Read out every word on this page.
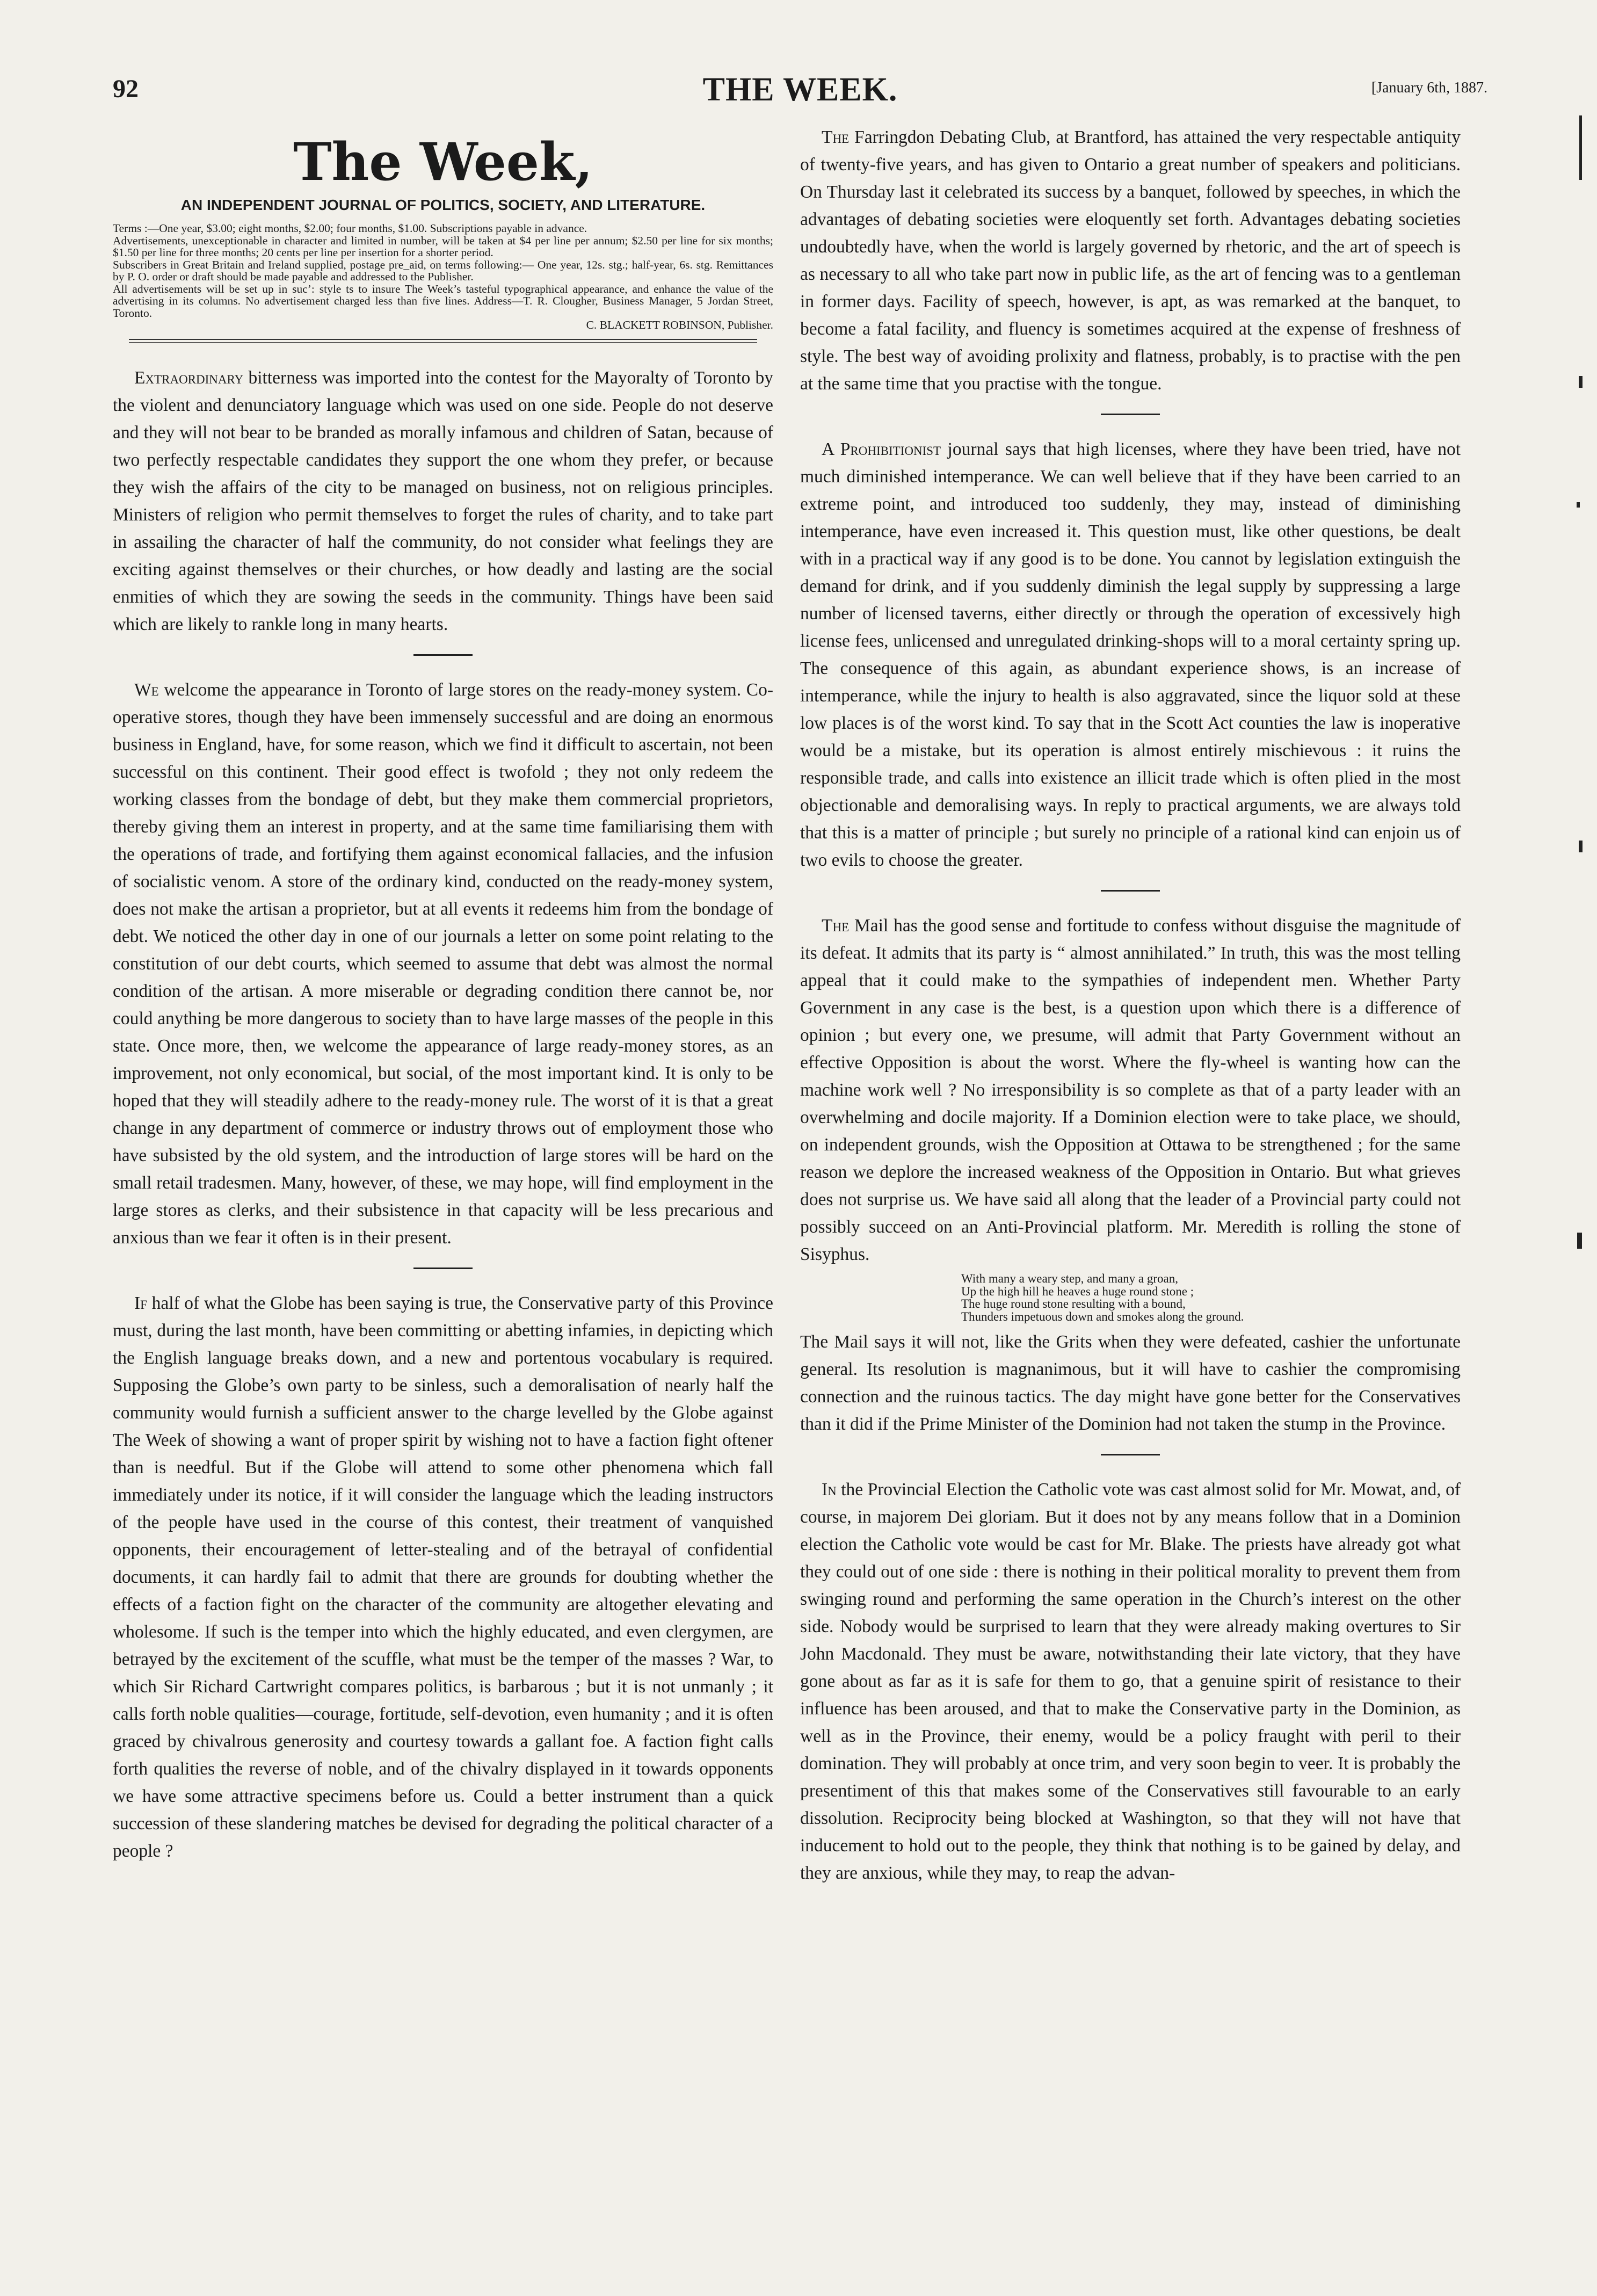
92	THE WEEK.	[January 6th, 1887.
The Week,
AN INDEPENDENT JOURNAL OF POLITICS, SOCIETY, AND LITERATURE.

Terms :—One year, $3.00; eight months, $2.00; four months, $1.00. Subscriptions payable in advance.

Advertisements, unexceptionable in character and limited in number, will be taken at $4 per line per annum; $2.50 per line for six months; $1.50 per line for three months; 20 cents per line per insertion for a shorter period.

Subscribers in Great Britain and Ireland supplied, postage pre_aid, on terms following:— One year, 12s. stg.; half-year, 6s. stg. Remittances by P. O. order or draft should be made payable and addressed to the Publisher.

All advertisements will be set up in suc’: style ts to insure The Week’s tasteful typographical appearance, and enhance the value of the advertising in its columns. No advertisement charged less than five lines. Address—T. R. Clougher, Business Manager, 5 Jordan Street, Toronto.

C. BLACKETT ROBINSON, Publisher.

Extraordinary bitterness was imported into the contest for the Mayoralty of Toronto by the violent and denunciatory language which was used on one side. People do not deserve and they will not bear to be branded as morally infamous and children of Satan, because of two perfectly respectable candidates they support the one whom they prefer, or because they wish the affairs of the city to be managed on business, not on religious principles. Ministers of religion who permit themselves to forget the rules of charity, and to take part in assailing the character of half the community, do not consider what feelings they are exciting against themselves or their churches, or how deadly and lasting are the social enmities of which they are sowing the seeds in the community. Things have been said which are likely to rankle long in many hearts.

We welcome the appearance in Toronto of large stores on the ready-money system. Co-operative stores, though they have been immensely successful and are doing an enormous business in England, have, for some reason, which we find it difficult to ascertain, not been successful on this continent. Their good effect is twofold ; they not only redeem the working classes from the bondage of debt, but they make them commercial proprietors, thereby giving them an interest in property, and at the same time familiarising them with the operations of trade, and fortifying them against economical fallacies, and the infusion of socialistic venom. A store of the ordinary kind, conducted on the ready-money system, does not make the artisan a proprietor, but at all events it redeems him from the bondage of debt. We noticed the other day in one of our journals a letter on some point relating to the constitution of our debt courts, which seemed to assume that debt was almost the normal condition of the artisan. A more miserable or degrading condition there cannot be, nor could anything be more dangerous to society than to have large masses of the people in this state. Once more, then, we welcome the appearance of large ready-money stores, as an improvement, not only economical, but social, of the most important kind. It is only to be hoped that they will steadily adhere to the ready-money rule. The worst of it is that a great change in any department of commerce or industry throws out of employment those who have subsisted by the old system, and the introduction of large stores will be hard on the small retail tradesmen. Many, however, of these, we may hope, will find employment in the large stores as clerks, and their subsistence in that capacity will be less precarious and anxious than we fear it often is in their present.

If half of what the Globe has been saying is true, the Conservative party of this Province must, during the last month, have been committing or abetting infamies, in depicting which the English language breaks down, and a new and portentous vocabulary is required. Supposing the Globe’s own party to be sinless, such a demoralisation of nearly half the community would furnish a sufficient answer to the charge levelled by the Globe against The Week of showing a want of proper spirit by wishing not to have a faction fight oftener than is needful. But if the Globe will attend to some other phenomena which fall immediately under its notice, if it will consider the language which the leading instructors of the people have used in the course of this contest, their treatment of vanquished opponents, their encouragement of letter-stealing and of the betrayal of confidential documents, it can hardly fail to admit that there are grounds for doubting whether the effects of a faction fight on the character of the community are altogether elevating and wholesome. If such is the temper into which the highly educated, and even clergymen, are betrayed by the excitement of the scuffle, what must be the temper of the masses ? War, to which Sir Richard Cartwright compares politics, is barbarous ; but it is not unmanly ; it calls forth noble qualities—courage, fortitude, self-devotion, even humanity ; and it is often graced by chivalrous generosity and courtesy towards a gallant foe. A faction fight calls forth qualities the reverse of noble, and of the chivalry displayed in it towards opponents we have some attractive specimens before us. Could a better instrument than a quick succession of these slandering matches be devised for degrading the political character of a people ?

The Farringdon Debating Club, at Brantford, has attained the very respectable antiquity of twenty-five years, and has given to Ontario a great number of speakers and politicians. On Thursday last it celebrated its success by a banquet, followed by speeches, in which the advantages of debating societies were eloquently set forth. Advantages debating societies undoubtedly have, when the world is largely governed by rhetoric, and the art of speech is as necessary to all who take part now in public life, as the art of fencing was to a gentleman in former days. Facility of speech, however, is apt, as was remarked at the banquet, to become a fatal facility, and fluency is sometimes acquired at the expense of freshness of style. The best way of avoiding prolixity and flatness, probably, is to practise with the pen at the same time that you practise with the tongue.

A Prohibitionist journal says that high licenses, where they have been tried, have not much diminished intemperance. We can well believe that if they have been carried to an extreme point, and introduced too suddenly, they may, instead of diminishing intemperance, have even increased it. This question must, like other questions, be dealt with in a practical way if any good is to be done. You cannot by legislation extinguish the demand for drink, and if you suddenly diminish the legal supply by suppressing a large number of licensed taverns, either directly or through the operation of excessively high license fees, unlicensed and unregulated drinking-shops will to a moral certainty spring up. The consequence of this again, as abundant experience shows, is an increase of intemperance, while the injury to health is also aggravated, since the liquor sold at these low places is of the worst kind. To say that in the Scott Act counties the law is inoperative would be a mistake, but its operation is almost entirely mischievous : it ruins the responsible trade, and calls into existence an illicit trade which is often plied in the most objectionable and demoralising ways. In reply to practical arguments, we are always told that this is a matter of principle ; but surely no principle of a rational kind can enjoin us of two evils to choose the greater.

The Mail has the good sense and fortitude to confess without disguise the magnitude of its defeat. It admits that its party is “ almost annihilated.” In truth, this was the most telling appeal that it could make to the sympathies of independent men. Whether Party Government in any case is the best, is a question upon which there is a difference of opinion ; but every one, we presume, will admit that Party Government without an effective Opposition is about the worst. Where the fly-wheel is wanting how can the machine work well ? No irresponsibility is so complete as that of a party leader with an overwhelming and docile majority. If a Dominion election were to take place, we should, on independent grounds, wish the Opposition at Ottawa to be strengthened ; for the same reason we deplore the increased weakness of the Opposition in Ontario. But what grieves does not surprise us. We have said all along that the leader of a Provincial party could not possibly succeed on an Anti-Provincial platform. Mr. Meredith is rolling the stone of Sisyphus.

With many a weary step, and many a groan,
Up the high hill he heaves a huge round stone ;
The huge round stone resulting with a bound,
Thunders impetuous down and smokes along the ground.

The Mail says it will not, like the Grits when they were defeated, cashier the unfortunate general. Its resolution is magnanimous, but it will have to cashier the compromising connection and the ruinous tactics. The day might have gone better for the Conservatives than it did if the Prime Minister of the Dominion had not taken the stump in the Province.

In the Provincial Election the Catholic vote was cast almost solid for Mr. Mowat, and, of course, in majorem Dei gloriam. But it does not by any means follow that in a Dominion election the Catholic vote would be cast for Mr. Blake. The priests have already got what they could out of one side : there is nothing in their political morality to prevent them from swinging round and performing the same operation in the Church’s interest on the other side. Nobody would be surprised to learn that they were already making overtures to Sir John Macdonald. They must be aware, notwithstanding their late victory, that they have gone about as far as it is safe for them to go, that a genuine spirit of resistance to their influence has been aroused, and that to make the Conservative party in the Dominion, as well as in the Province, their enemy, would be a policy fraught with peril to their domination. They will probably at once trim, and very soon begin to veer. It is probably the presentiment of this that makes some of the Conservatives still favourable to an early dissolution. Reciprocity being blocked at Washington, so that they will not have that inducement to hold out to the people, they think that nothing is to be gained by delay, and they are anxious, while they may, to reap the advan-
